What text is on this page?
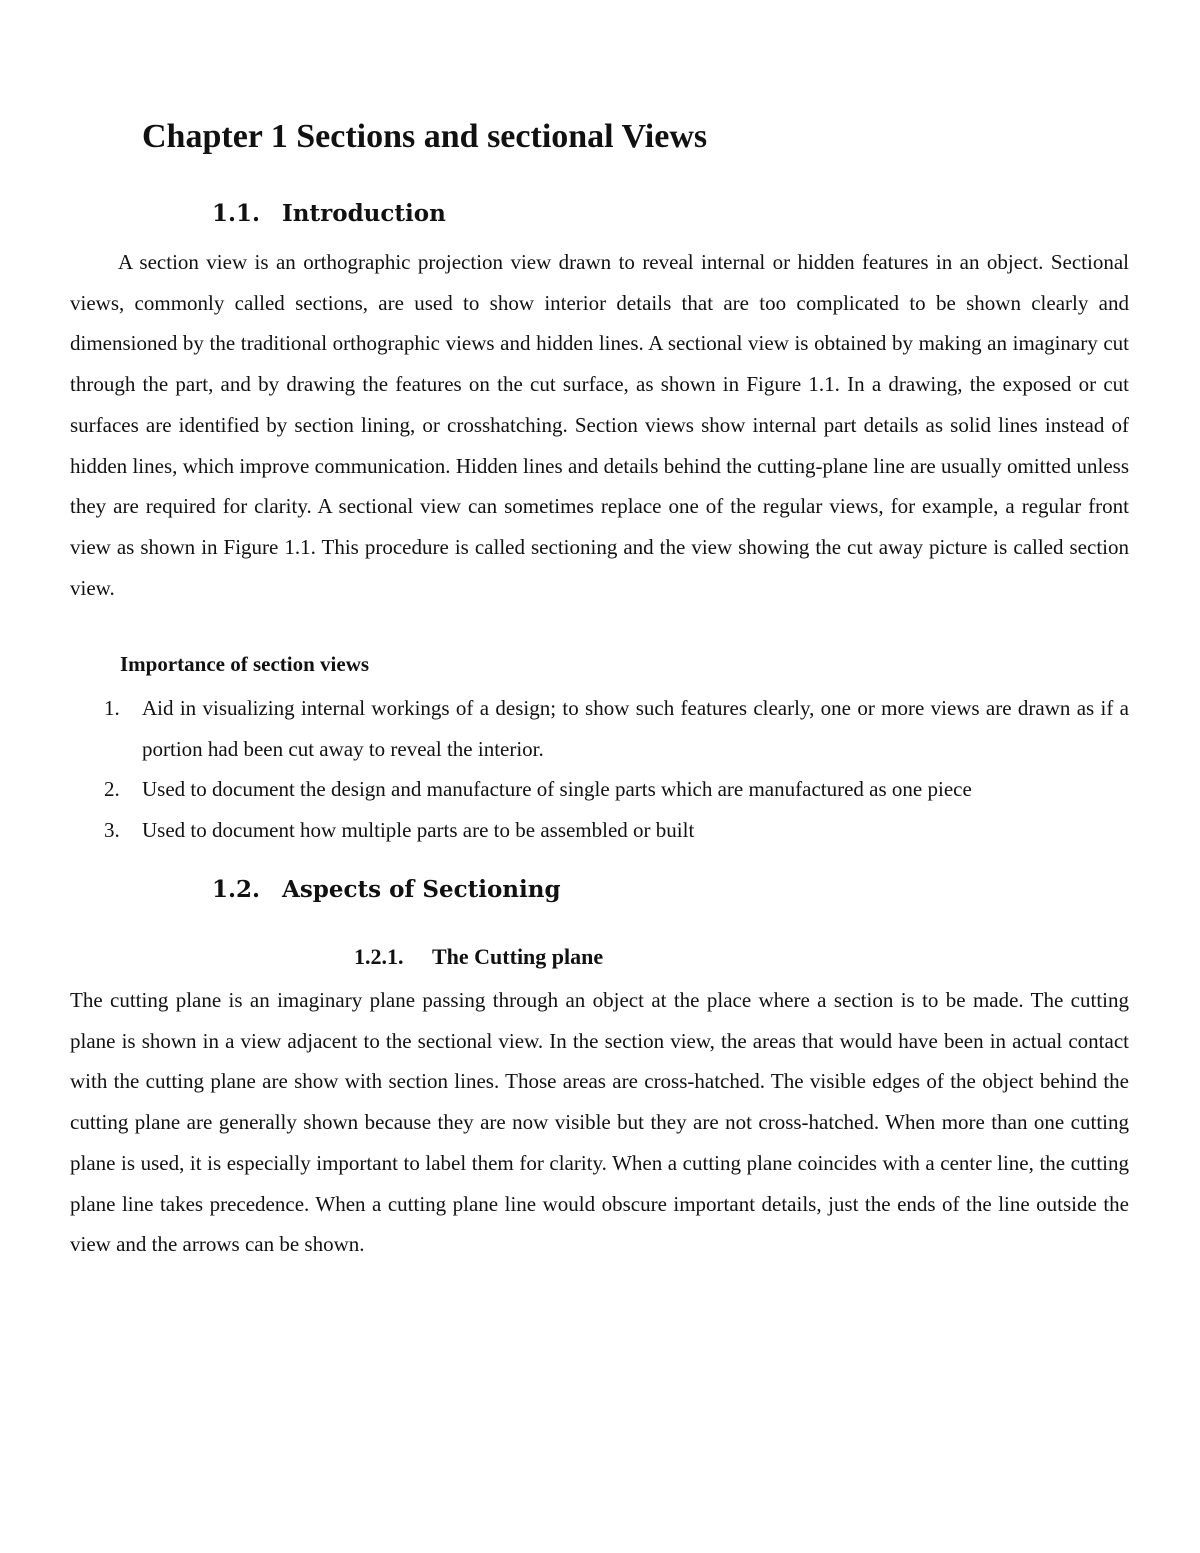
Chapter 1 Sections and sectional Views
1.1. Introduction

A section view is an orthographic projection view drawn to reveal internal or hidden features in an object. Sectional views, commonly called sections, are used to show interior details that are too complicated to be shown clearly and dimensioned by the traditional orthographic views and hidden lines. A sectional view is obtained by making an imaginary cut through the part, and by drawing the features on the cut surface, as shown in Figure 1.1. In a drawing, the exposed or cut surfaces are identified by section lining, or crosshatching. Section views show internal part details as solid lines instead of hidden lines, which improve communication. Hidden lines and details behind the cutting-plane line are usually omitted unless they are required for clarity. A sectional view can sometimes replace one of the regular views, for example, a regular front view as shown in Figure 1.1. This procedure is called sectioning and the view showing the cut away picture is called section view.

Importance of section views

1. Aid in visualizing internal workings of a design; to show such features clearly, one or more views are drawn as if a portion had been cut away to reveal the interior.
2. Used to document the design and manufacture of single parts which are manufactured as one piece
3. Used to document how multiple parts are to be assembled or built
1.2. Aspects of Sectioning
1.2.1. The Cutting plane

The cutting plane is an imaginary plane passing through an object at the place where a section is to be made. The cutting plane is shown in a view adjacent to the sectional view. In the section view, the areas that would have been in actual contact with the cutting plane are show with section lines. Those areas are cross-hatched. The visible edges of the object behind the cutting plane are generally shown because they are now visible but they are not cross-hatched. When more than one cutting plane is used, it is especially important to label them for clarity. When a cutting plane coincides with a center line, the cutting plane line takes precedence. When a cutting plane line would obscure important details, just the ends of the line outside the view and the arrows can be shown.
